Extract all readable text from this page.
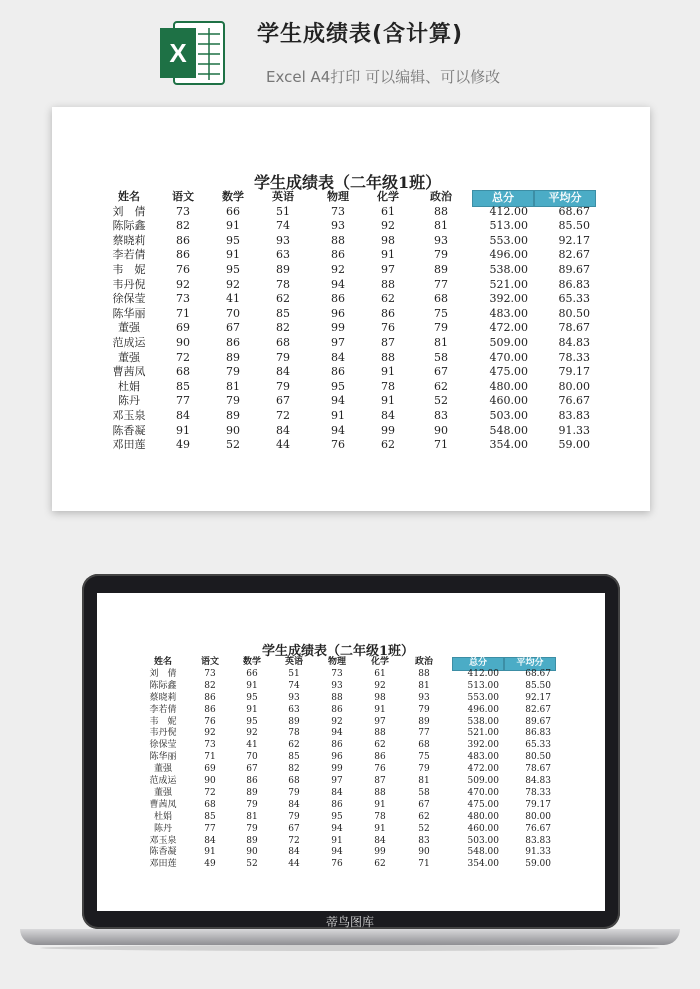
X
学生成绩表(含计算)
Excel A4打印 可以编辑、可以修改
学生成绩表（二年级1班）
姓名	语文	数学	英语	物理	化学	政治	总分	平均分
刘　倩	73	66	51	73	61	88	412.00	68.67
陈际鑫	82	91	74	93	92	81	513.00	85.50
蔡晓莉	86	95	93	88	98	93	553.00	92.17
李若倩	86	91	63	86	91	79	496.00	82.67
韦　妮	76	95	89	92	97	89	538.00	89.67
韦丹倪	92	92	78	94	88	77	521.00	86.83
徐保莹	73	41	62	86	62	68	392.00	65.33
陈华丽	71	70	85	96	86	75	483.00	80.50
董强	69	67	82	99	76	79	472.00	78.67
范成运	90	86	68	97	87	81	509.00	84.83
董强	72	89	79	84	88	58	470.00	78.33
曹茜凤	68	79	84	86	91	67	475.00	79.17
杜娟	85	81	79	95	78	62	480.00	80.00
陈丹	77	79	67	94	91	52	460.00	76.67
邓玉泉	84	89	72	91	84	83	503.00	83.83
陈香凝	91	90	84	94	99	90	548.00	91.33
邓田莲	49	52	44	76	62	71	354.00	59.00
蒂鸟图库
学生成绩表（二年级1班）
姓名	语文	数学	英语	物理	化学	政治	总分	平均分
刘　倩	73	66	51	73	61	88	412.00	68.67
陈际鑫	82	91	74	93	92	81	513.00	85.50
蔡晓莉	86	95	93	88	98	93	553.00	92.17
李若倩	86	91	63	86	91	79	496.00	82.67
韦　妮	76	95	89	92	97	89	538.00	89.67
韦丹倪	92	92	78	94	88	77	521.00	86.83
徐保莹	73	41	62	86	62	68	392.00	65.33
陈华丽	71	70	85	96	86	75	483.00	80.50
董强	69	67	82	99	76	79	472.00	78.67
范成运	90	86	68	97	87	81	509.00	84.83
董强	72	89	79	84	88	58	470.00	78.33
曹茜凤	68	79	84	86	91	67	475.00	79.17
杜娟	85	81	79	95	78	62	480.00	80.00
陈丹	77	79	67	94	91	52	460.00	76.67
邓玉泉	84	89	72	91	84	83	503.00	83.83
陈香凝	91	90	84	94	99	90	548.00	91.33
邓田莲	49	52	44	76	62	71	354.00	59.00
